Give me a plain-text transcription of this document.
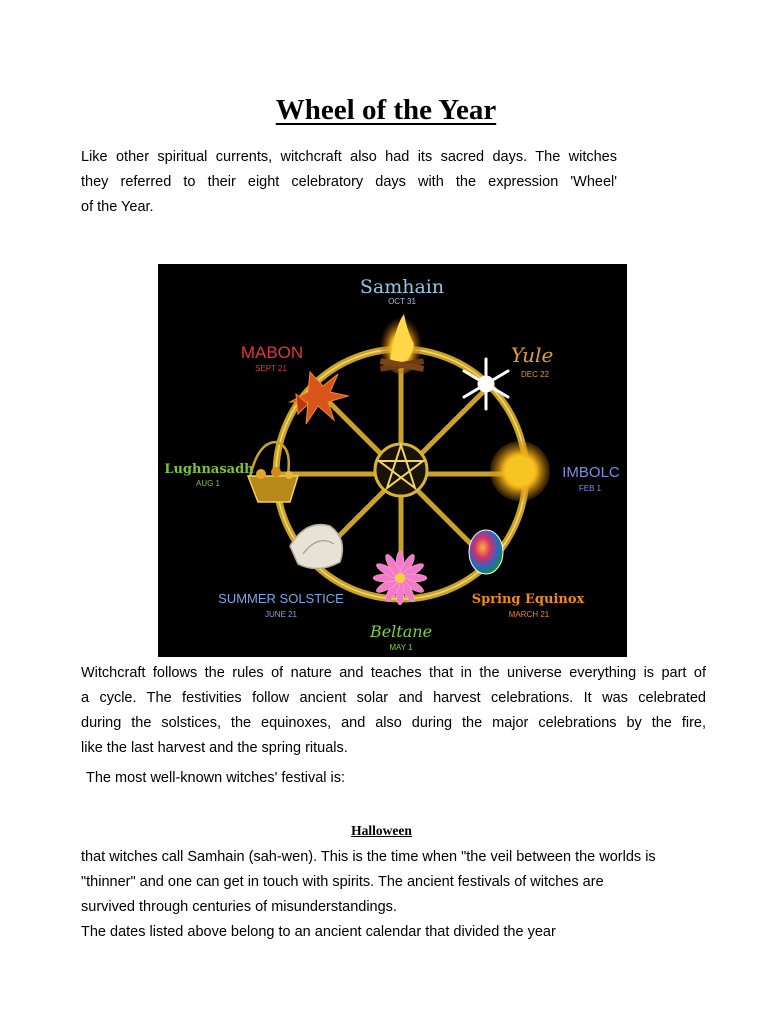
Wheel of the Year
Like other spiritual currents, witchcraft also had its sacred days. The witches
they referred to their eight celebratory days with the expression 'Wheel'
of the Year.
Samhain
OCT 31
Yule
DEC 22
IMBOLC
FEB 1
Spring Equinox
MARCH 21
Beltane
MAY 1
SUMMER SOLSTICE
JUNE 21
Lughnasadh
AUG 1
MABON
SEPT 21
Witchcraft follows the rules of nature and teaches that in the universe everything is part of
a cycle. The festivities follow ancient solar and harvest celebrations. It was celebrated
during the solstices, the equinoxes, and also during the major celebrations by the fire,
like the last harvest and the spring rituals.

The most well-known witches' festival is:

Halloween

that witches call Samhain (sah-wen). This is the time when "the veil between the worlds is
"thinner" and one can get in touch with spirits. The ancient festivals of witches are
survived through centuries of misunderstandings.
The dates listed above belong to an ancient calendar that divided the year
